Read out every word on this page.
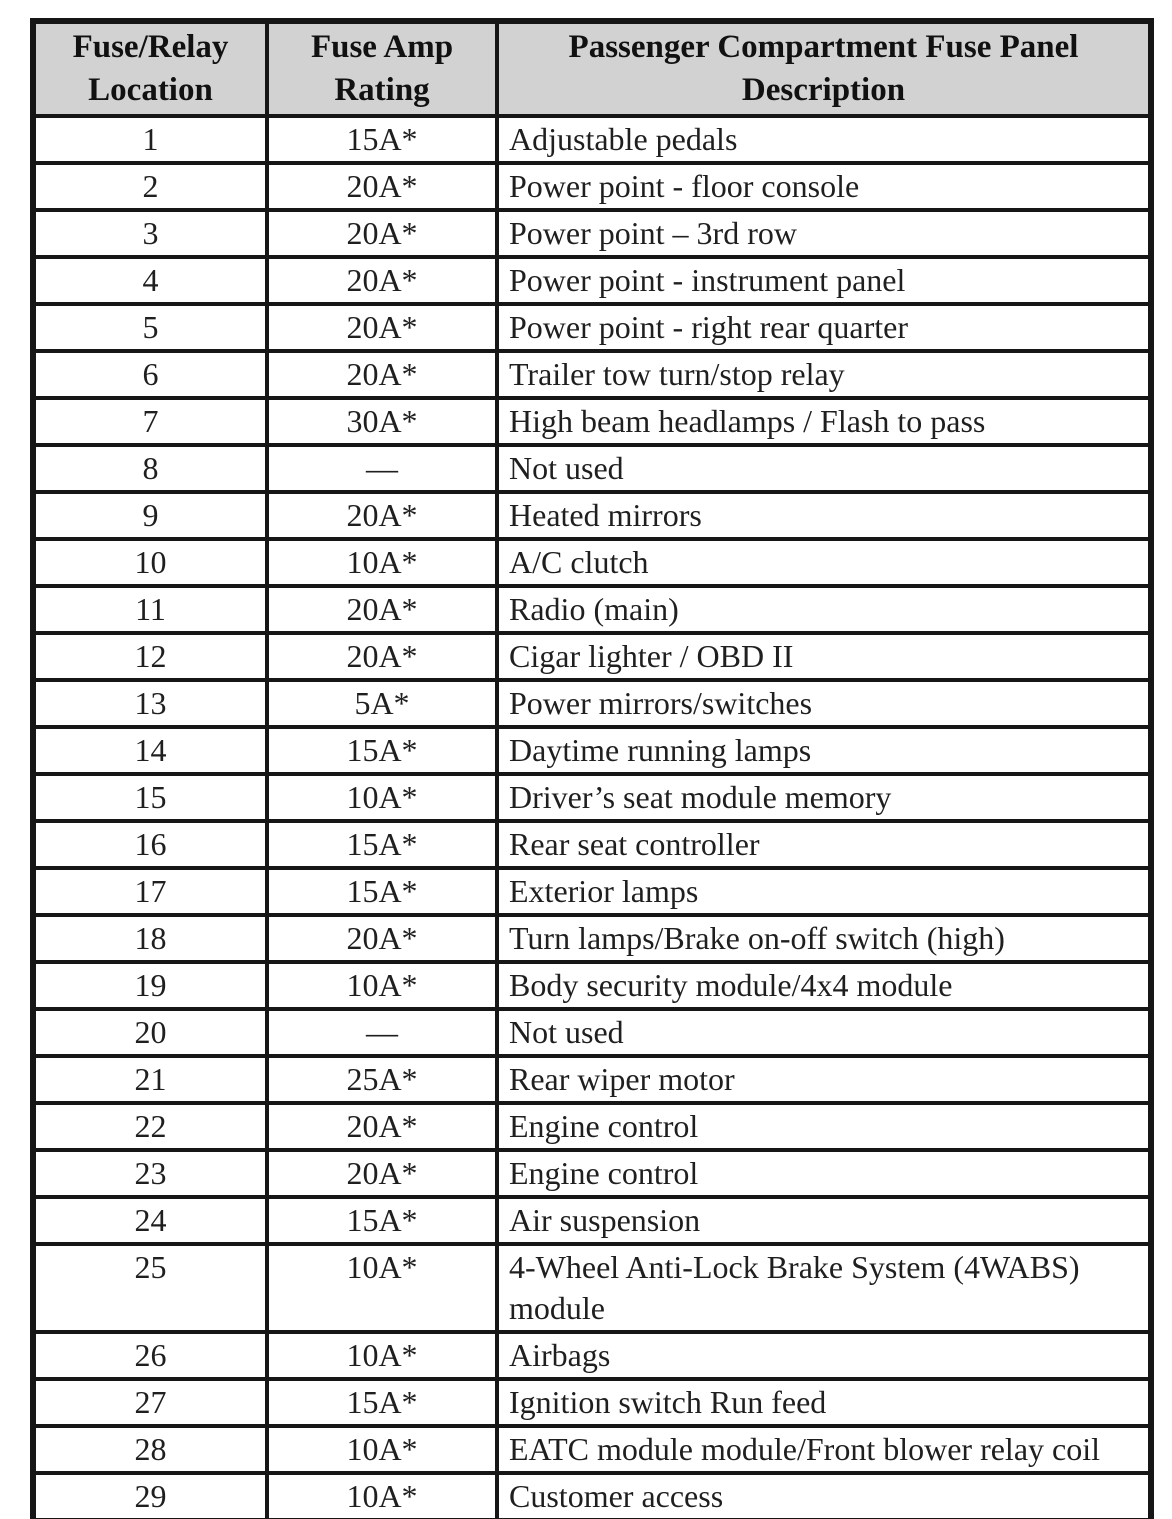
Fuse/Relay Location	Fuse Amp Rating	Passenger Compartment Fuse Panel Description
1	15A*	Adjustable pedals
2	20A*	Power point - floor console
3	20A*	Power point – 3rd row
4	20A*	Power point - instrument panel
5	20A*	Power point - right rear quarter
6	20A*	Trailer tow turn/stop relay
7	30A*	High beam headlamps / Flash to pass
8	—	Not used
9	20A*	Heated mirrors
10	10A*	A/C clutch
11	20A*	Radio (main)
12	20A*	Cigar lighter / OBD II
13	5A*	Power mirrors/switches
14	15A*	Daytime running lamps
15	10A*	Driver’s seat module memory
16	15A*	Rear seat controller
17	15A*	Exterior lamps
18	20A*	Turn lamps/Brake on-off switch (high)
19	10A*	Body security module/4x4 module
20	—	Not used
21	25A*	Rear wiper motor
22	20A*	Engine control
23	20A*	Engine control
24	15A*	Air suspension
25	10A*	4-Wheel Anti-Lock Brake System (4WABS) module
26	10A*	Airbags
27	15A*	Ignition switch Run feed
28	10A*	EATC module module/Front blower relay coil
29	10A*	Customer access
